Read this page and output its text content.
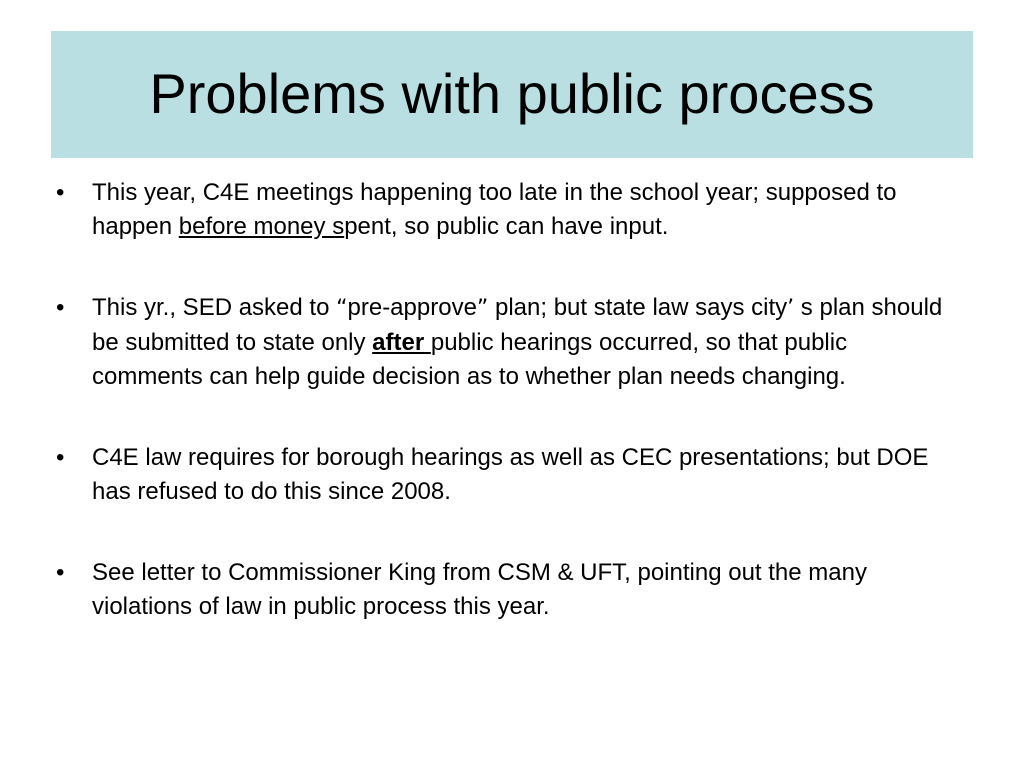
Problems with public process
•	This year, C4E meetings happening too late in the school year; supposed to happen before money spent, so public can have input.
•	This yr., SED asked to “pre-approve” plan; but state law says city’ s plan should be submitted to state only after public hearings occurred, so that public comments can help guide decision as to whether plan needs changing.
•	C4E law requires for borough hearings as well as CEC presentations; but DOE has refused to do this since 2008.
•	See letter to Commissioner King from CSM & UFT, pointing out the many violations of law in public process this year.
